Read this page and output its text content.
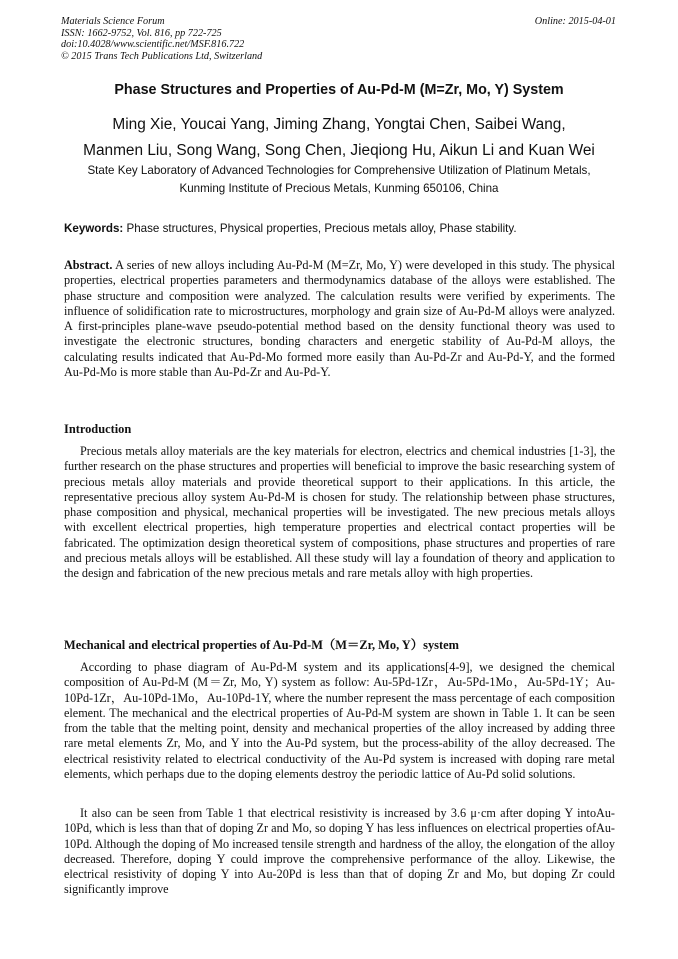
Materials Science Forum
ISSN: 1662-9752, Vol. 816, pp 722-725
doi:10.4028/www.scientific.net/MSF.816.722
© 2015 Trans Tech Publications Ltd, Switzerland
Online: 2015-04-01
Phase Structures and Properties of Au-Pd-M (M=Zr, Mo, Y) System
Ming Xie, Youcai Yang, Jiming Zhang, Yongtai Chen, Saibei Wang,
Manmen Liu, Song Wang, Song Chen, Jieqiong Hu, Aikun Li and Kuan Wei
State Key Laboratory of Advanced Technologies for Comprehensive Utilization of Platinum Metals,
Kunming Institute of Precious Metals, Kunming 650106, China
Keywords: Phase structures, Physical properties, Precious metals alloy, Phase stability.

Abstract. A series of new alloys including Au-Pd-M (M=Zr, Mo, Y) were developed in this study. The physical properties, electrical properties parameters and thermodynamics database of the alloys were established. The phase structure and composition were analyzed. The calculation results were verified by experiments. The influence of solidification rate to microstructures, morphology and grain size of Au-Pd-M alloys were analyzed. A first-principles plane-wave pseudo-potential method based on the density functional theory was used to investigate the electronic structures, bonding characters and energetic stability of Au-Pd-M alloys, the calculating results indicated that Au-Pd-Mo formed more easily than Au-Pd-Zr and Au-Pd-Y, and the formed Au-Pd-Mo is more stable than Au-Pd-Zr and Au-Pd-Y.

Introduction

Precious metals alloy materials are the key materials for electron, electrics and chemical industries [1-3], the further research on the phase structures and properties will beneficial to improve the basic researching system of precious metals alloy materials and provide theoretical support to their applications. In this article, the representative precious alloy system Au-Pd-M is chosen for study. The relationship between phase structures, phase composition and physical, mechanical properties will be investigated. The new precious metals alloys with excellent electrical properties, high temperature properties and electrical contact properties will be fabricated. The optimization design theoretical system of compositions, phase structures and properties of rare and precious metals alloys will be established. All these study will lay a foundation of theory and application to the design and fabrication of the new precious metals and rare metals alloy with high properties.

Mechanical and electrical properties of Au-Pd-M（M＝Zr, Mo, Y）system

According to phase diagram of Au-Pd-M system and its applications[4-9], we designed the chemical composition of Au-Pd-M (M＝Zr, Mo, Y) system as follow: Au-5Pd-1Zr，Au-5Pd-1Mo，Au-5Pd-1Y；Au-10Pd-1Zr，Au-10Pd-1Mo，Au-10Pd-1Y, where the number represent the mass percentage of each composition element. The mechanical and the electrical properties of Au-Pd-M system are shown in Table 1. It can be seen from the table that the melting point, density and mechanical properties of the alloy increased by adding three rare metal elements Zr, Mo, and Y into the Au-Pd system, but the process-ability of the alloy decreased. The electrical resistivity related to electrical conductivity of the Au-Pd system is increased with doping rare metal elements, which perhaps due to the doping elements destroy the periodic lattice of Au-Pd solid solutions.

It also can be seen from Table 1 that electrical resistivity is increased by 3.6 μ·cm after doping Y intoAu-10Pd, which is less than that of doping Zr and Mo, so doping Y has less influences on electrical properties ofAu-10Pd. Although the doping of Mo increased tensile strength and hardness of the alloy, the elongation of the alloy decreased. Therefore, doping Y could improve the comprehensive performance of the alloy. Likewise, the electrical resistivity of doping Y into Au-20Pd is less than that of doping Zr and Mo, but doping Zr could significantly improve
